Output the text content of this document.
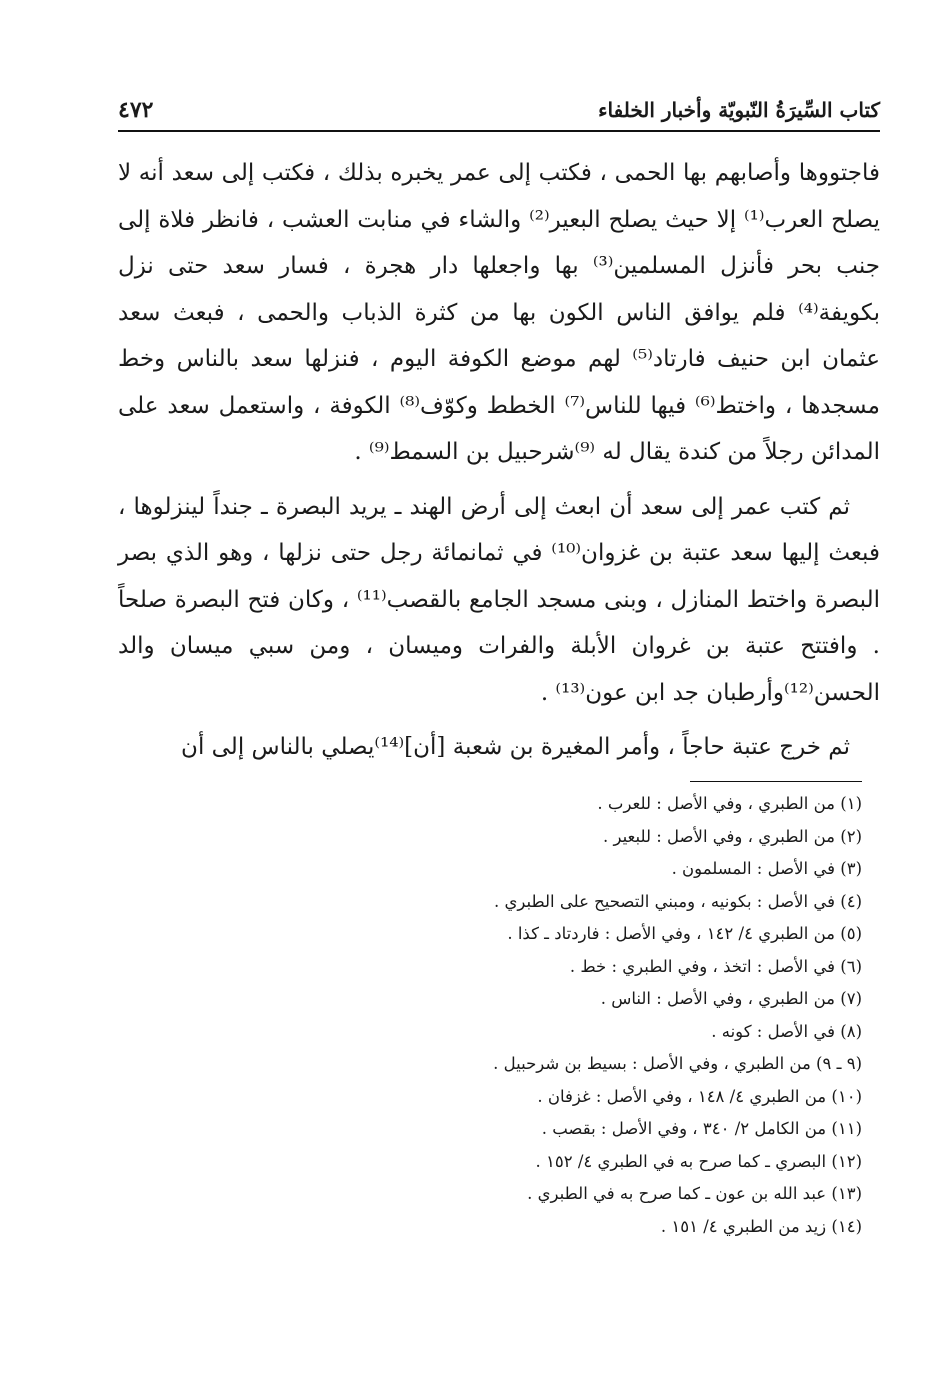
كتاب السِّيرَةُ النّبويّة وأخبار الخلفاء
٤٧٢

فاجتووها وأصابهم بها الحمى ، فكتب إلى عمر يخبره بذلك ، فكتب إلى سعد أنه لا يصلح العرب⁽¹⁾ إلا حيث يصلح البعير⁽²⁾ والشاء في منابت العشب ، فانظر فلاة إلى جنب بحر فأنزل المسلمين⁽³⁾ بها واجعلها دار هجرة ، فسار سعد حتى نزل بكويفة⁽⁴⁾ فلم يوافق الناس الكون بها من كثرة الذباب والحمى ، فبعث سعد عثمان ابن حنيف فارتاد⁽⁵⁾ لهم موضع الكوفة اليوم ، فنزلها سعد بالناس وخط مسجدها ، واختط⁽⁶⁾ فيها للناس⁽⁷⁾ الخطط وكوّف⁽⁸⁾ الكوفة ، واستعمل سعد على المدائن رجلاً من كندة يقال له ⁽⁹⁾شرحبيل بن السمط⁽⁹⁾ .

ثم كتب عمر إلى سعد أن ابعث إلى أرض الهند ـ يريد البصرة ـ جنداً لينزلوها ، فبعث إليها سعد عتبة بن غزوان⁽¹⁰⁾ في ثمانمائة رجل حتى نزلها ، وهو الذي بصر البصرة واختط المنازل ، وبنى مسجد الجامع بالقصب⁽¹¹⁾ ، وكان فتح البصرة صلحاً . وافتتح عتبة بن غروان الأبلة والفرات وميسان ، ومن سبي ميسان والد الحسن⁽¹²⁾وأرطبان جد ابن عون⁽¹³⁾ .

ثم خرج عتبة حاجاً ، وأمر المغيرة بن شعبة [أن]⁽¹⁴⁾يصلي بالناس إلى أن

(١) من الطبري ، وفي الأصل : للعرب .
(٢) من الطبري ، وفي الأصل : للبعير .
(٣) في الأصل : المسلمون .
(٤) في الأصل : بكونيه ، ومبني التصحيح على الطبري .
(٥) من الطبري ٤/ ١٤٢ ، وفي الأصل : فاردتاد ـ كذا .
(٦) في الأصل : اتخذ ، وفي الطبري : خط .
(٧) من الطبري ، وفي الأصل : الناس .
(٨) في الأصل : كونه .
(٩ ـ ٩) من الطبري ، وفي الأصل : بسيط بن شرحبيل .
(١٠) من الطبري ٤/ ١٤٨ ، وفي الأصل : غزفان .
(١١) من الكامل ٢/ ٣٤٠ ، وفي الأصل : بقصب .
(١٢) البصري ـ كما صرح به في الطبري ٤/ ١٥٢ .
(١٣) عبد الله بن عون ـ كما صرح به في الطبري .
(١٤) زيد من الطبري ٤/ ١٥١ .
